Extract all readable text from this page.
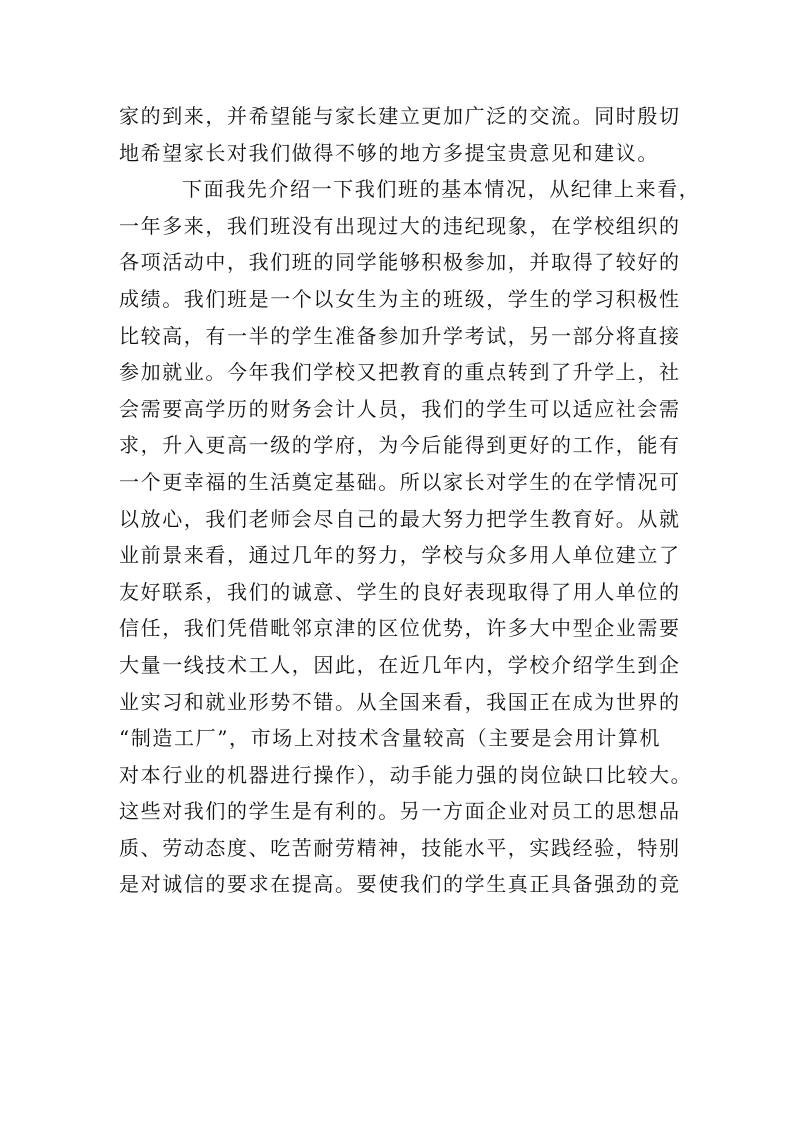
家的到来，并希望能与家长建立更加广泛的交流。同时殷切
地希望家长对我们做得不够的地方多提宝贵意见和建议。
下面我先介绍一下我们班的基本情况，从纪律上来看，
一年多来，我们班没有出现过大的违纪现象，在学校组织的
各项活动中，我们班的同学能够积极参加，并取得了较好的
成绩。我们班是一个以女生为主的班级，学生的学习积极性
比较高，有一半的学生准备参加升学考试，另一部分将直接
参加就业。今年我们学校又把教育的重点转到了升学上，社
会需要高学历的财务会计人员，我们的学生可以适应社会需
求，升入更高一级的学府，为今后能得到更好的工作，能有
一个更幸福的生活奠定基础。所以家长对学生的在学情况可
以放心，我们老师会尽自己的最大努力把学生教育好。从就
业前景来看，通过几年的努力，学校与众多用人单位建立了
友好联系，我们的诚意、学生的良好表现取得了用人单位的
信任，我们凭借毗邻京津的区位优势，许多大中型企业需要
大量一线技术工人，因此，在近几年内，学校介绍学生到企
业实习和就业形势不错。从全国来看，我国正在成为世界的
“制造工厂”，市场上对技术含量较高（主要是会用计算机
对本行业的机器进行操作），动手能力强的岗位缺口比较大。
这些对我们的学生是有利的。另一方面企业对员工的思想品
质、劳动态度、吃苦耐劳精神，技能水平，实践经验，特别
是对诚信的要求在提高。要使我们的学生真正具备强劲的竞
